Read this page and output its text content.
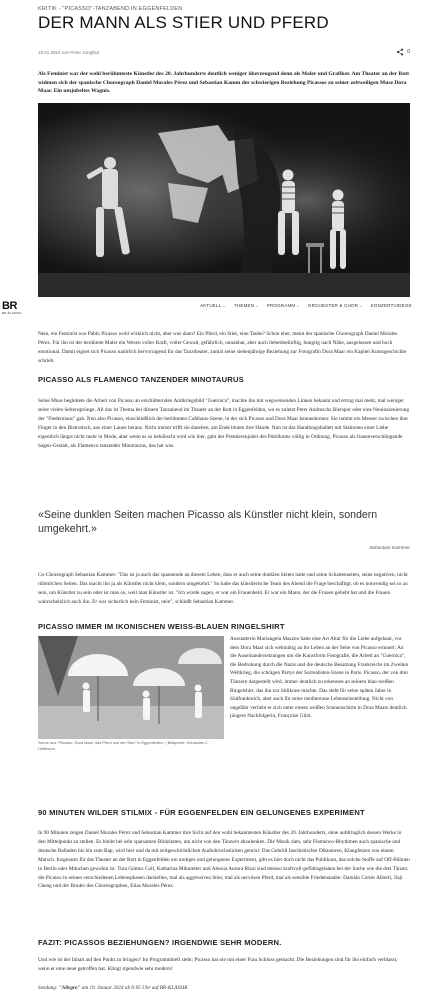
KRITIK - "PICASSO"-TANZABEND IN EGGENFELDEN
DER MANN ALS STIER UND PFERD
18.01.2024 von Peter Jungblut	0

Als Feminist war der wohl berühmteste Künstler des 20. Jahrhunderts deutlich weniger überzeugend denn als Maler und Grafiker. Am Theater an der Rott widmen sich der spanische Choreograph Daniel Morales Pérez und Sebastian Kamm der schwierigen Beziehung Picassos zu seiner zeitweiligen Muse Dora Maar. Ein umjubeltes Wagnis.

BR
BR-KLASSIK
AKTUELL ⌄ THEMEN ⌄ PROGRAMM ⌄ ORCHESTER & CHOR ⌄ KONZERTVIDEOS

Nein, ein Feminist war Pablo Picasso wohl wirklich nicht, aber was dann? Ein Pferd, ein Stier, eine Taube? Schon eher, meint der spanische Choreograph Daniel Morales Pérez. Für ihn ist der berühmte Maler ein Wesen voller Kraft, voller Gewalt, gefährlich, unnahbar, aber auch liebesbedürftig, hungrig nach Nähe, ausgelassen und hoch emotional. Damit eignet sich Picasso natürlich hervorragend für das Tanztheater, zumal seine siebenjährige Beziehung zur Fotografin Dora Maar ein Kapitel Kunstgeschichte schrieb.

PICASSO ALS FLAMENCO TANZENDER MINOTAURUS

Seine Muse begleitete die Arbeit von Picasso an erschütternden Antikriegsbild "Guernica", machte ihn mit wegweisenden Linken bekannt und ertrug mal mehr, mal weniger seine vielen Seitensprünge. All das ist Thema bei diesem Tanzabend im Theater an der Rott in Eggenfelden, wo es zuletzt Peter Androschs Bierspor oder eine Neuinszenierung der "Fledermaus" gab. Nun also Picasso, einschließlich der berühmten Caféhaus-Szene, in der sich Picasso und Dora Maar kennenlernen: Sie rammt ein Messer zwischen ihre Finger in den Bistrotisch, aus einer Laune heraus. Nicht immer trifft sie daneben, am Ende bluten ihre Hände. Nun ist das Handlungsballett mit Stationen einer Liebe eigentlich längst nicht mehr in Mode, aber wenn es so behübscht wird wie hier, gabt der Premierenjubel des Publikums völlig in Ordnung. Picasso als frauenverschlingende Sagen-Gestalt, als Flamenco tanzender Minotaurus, das hat was.

«Seine dunklen Seiten machen Picasso als Künstler nicht klein, sondern umgekehrt.»
Sebastian Kammer

Co-Choreograph Sebastian Kammer: "Das ist ja auch das spannende an diesem Leben, dass er auch seine dunklen Seiten hatte und seine Schattenseiten, seine negativen, nicht rühmlichen Seiten. Das macht ihn ja als Künstler nicht klein, sondern umgekehrt." So habe das künstlerische Team des Abend die Frage beschäftigt, ob es notwendig sei so zu sein, um Künstler zu sein oder ist man so, weil man Künstler ist. "Ich würde sagen, er war ein Frauenheld. Er war ein Mann, der die Frauen geliebt hat und die Frauen wahrscheinlich auch ihn. Er war sicherlich kein Feminist, nein", schließt Sebastian Kammer.

PICASSO IMMER IM IKONISCHEN WEISS-BLAUEN RINGELSHIRT
Szene aus "Picasso, Dora Maar, das Pferd und der Stier" in Eggenfelden. | Bildquelle: Sebastian C. Hoffmann

Ausstatterin Mariangela Mazzeo hatte eine Art Altar für die Liebe aufgebaut, vor dem Dora Maar sich wehmütig an ihr Leben an der Seite von Picasso erinnert: An die Auseinandersetzungen um die Kunstform Fotografie, die Arbeit an "Guernica", die Bedrohung durch die Nazis und die deutsche Besatzung Frankreichs im Zweiten Weltkrieg, die schrägen Partys der Surrealisten-Szene in Paris. Picasso, der von drei Tänzern dargestellt wird, immer deutlich zu erkennen an seinem blau-weißen Ringelshirt, das ihn zur Stilikone machte. Das steht für seine späten Jahre in Südfrankreich, aber auch für seine mediterrane Lebenseinstellung. Nicht von ungefähr verliebt er sich unter einem weißen Sonnenschirm in Dora Maars deutlich jüngere Nachfolgerin, Françoise Gilot.

90 MINUTEN WILDER STILMIX - FÜR EGGENFELDEN EIN GELUNGENES EXPERIMENT

In 90 Minuten zeigen Daniel Morales Pérez und Sebastian Kammer ihre Sicht auf den wohl bekanntesten Künstler des 20. Jahrhunderts, ohne aufdringlich dessen Werke in den Mittelpunkt zu stellen. Es bleibt bei sehr sparsamen Bildzitaten, um nicht von den Tänzern abzulenken. Die Musik dam, sehr Flamenco-Rhythmen auch spanische und deutsche Balladen bis hin zum Rap, wird hier und da mit zeitgeschichtlichen Audiobruchstücken gemixt: Das Gebrüll faschistischer Diktatoren, Klangfetzen von einem Marsch. Insgesamt für das Theater an der Rott in Eggenfelden ein mutiges und gelungenes Experiment, gibt es hier doch nicht das Publikum, das solche Stoffe auf Off-Bühnen in Berlin oder München gewohnt ist. Tura Gómez Coll, Katharina Mikutetter und Alessia Aurora Rizzi sind ebenso kraftvoll-gefühlsgeladen bei der Sache wie die drei Tänzer, die Picasso in seinen verschiedenen Lebensphasen darstellen, mal als aggressiven Stier, mal als nervösen Pferd, mal als sensible Friedenstaube: Damián Cortés Alberti, Jiaji Cheng und der Bruder des Choreographen, Elias Morales Pérez.

FAZIT: PICASSOS BEZIEHUNGEN? IRGENDWIE SEHR MODERN.

Und wie ist der Inhalt auf den Punkt zu bringen? Im Programmheft steht: Picasso hat nie mit einer Frau Schluss gemacht. Die Beziehungen sind für ihn einfach verblasst, wenn er eine neue getroffen hat. Klingt irgendwie sehr modern!

Sendung: "Allegro" am 19. Januar 2024 ab 6:05 Uhr auf BR-KLASSIK
